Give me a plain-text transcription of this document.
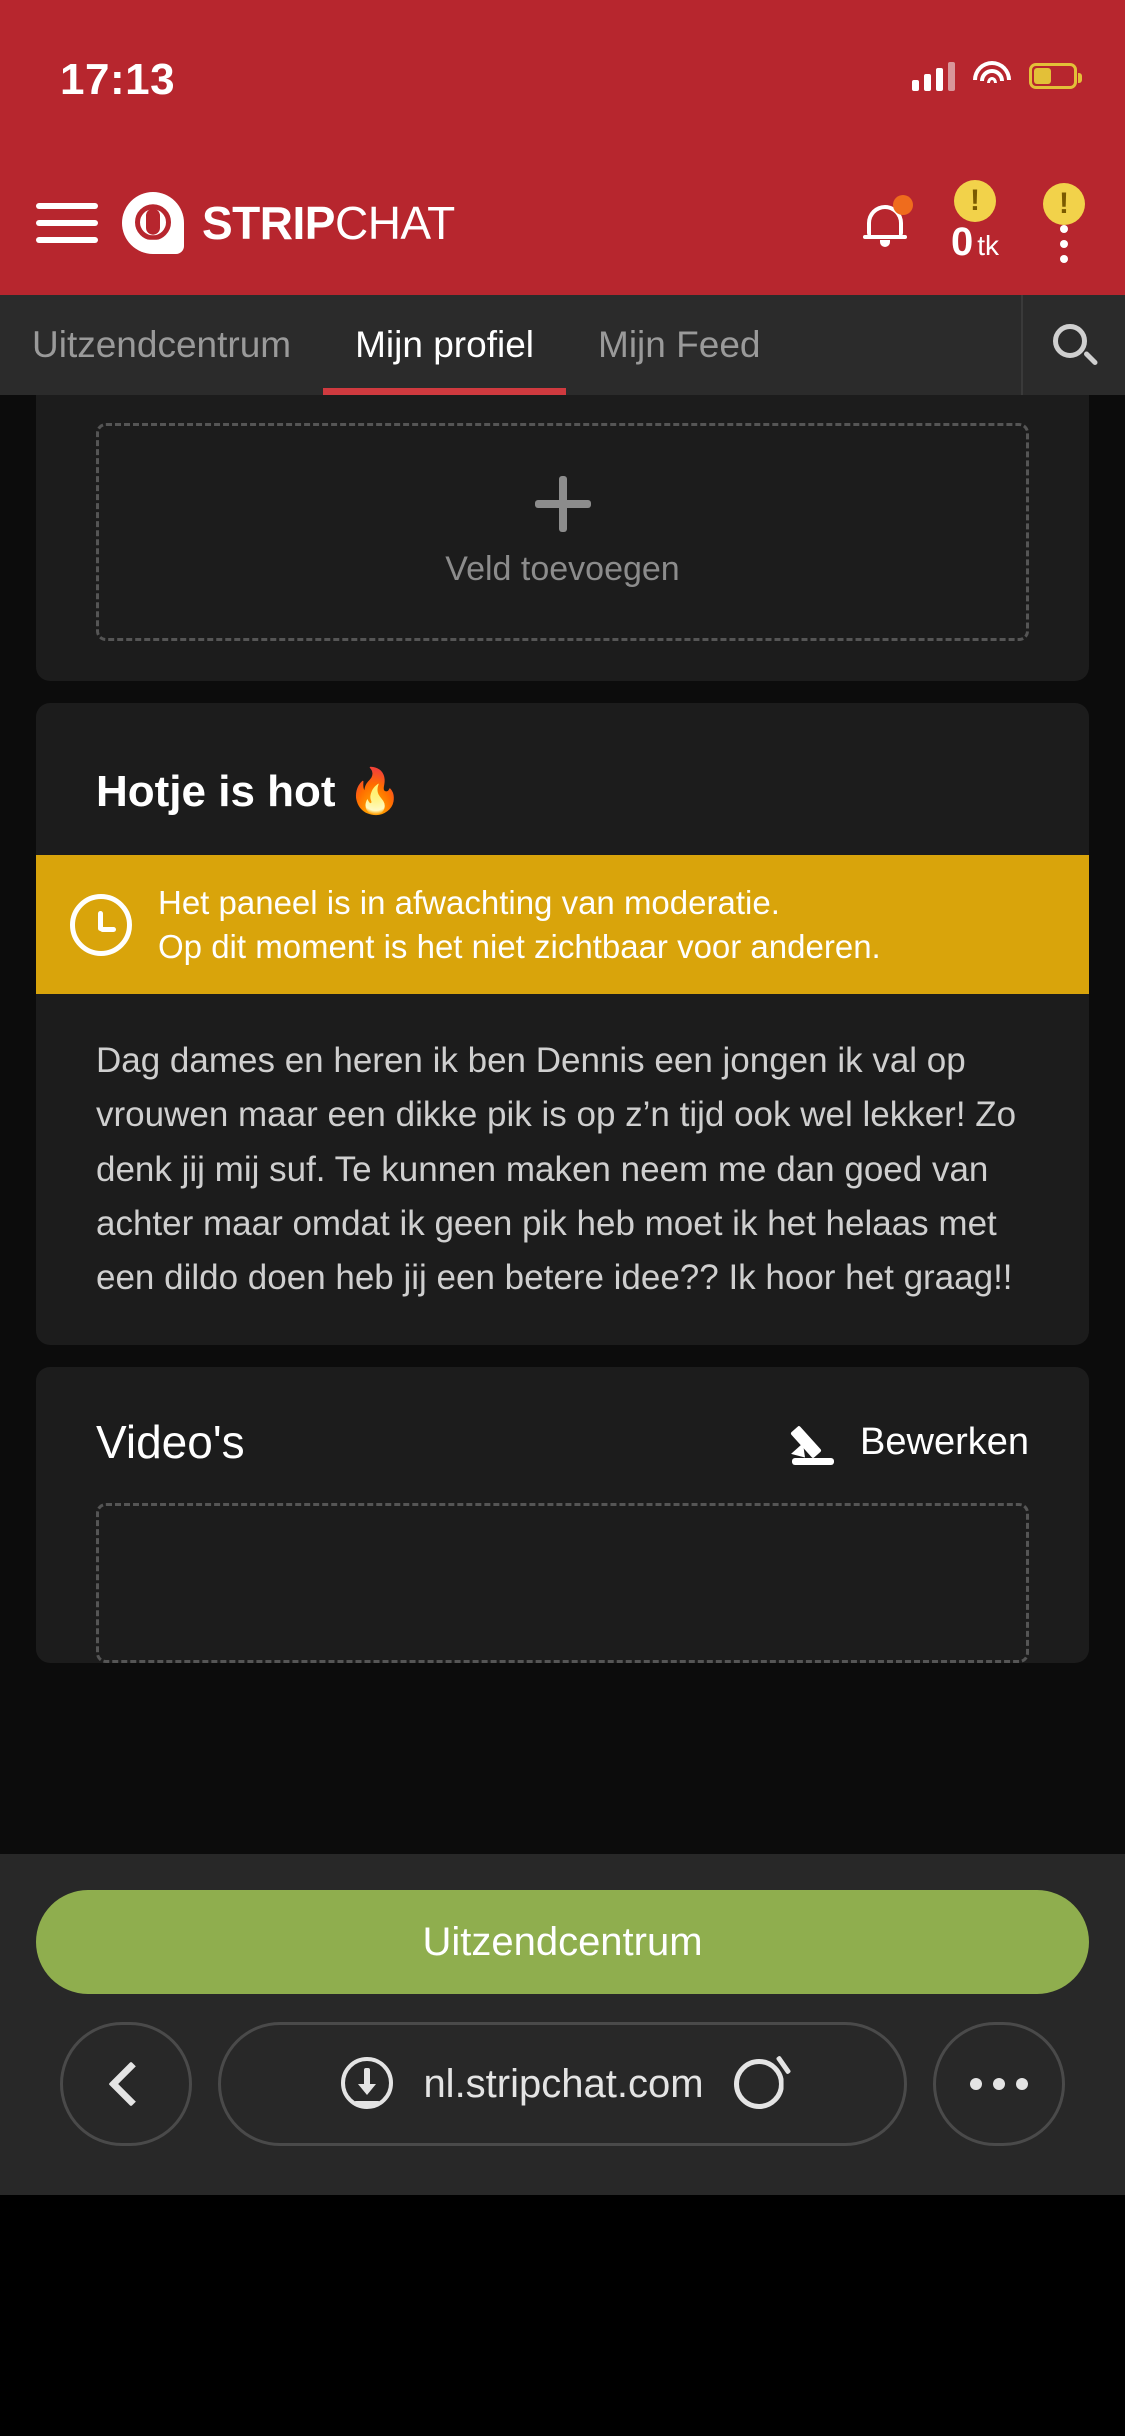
17:13
STRIPCHAT	!
0 tk
!
Uitzendcentrum Mijn profiel Mijn Feed
Veld toevoegen
Hotje is hot 🔥
Het paneel is in afwachting van moderatie.
Op dit moment is het niet zichtbaar voor anderen.
Dag dames en heren ik ben Dennis een jongen ik val op vrouwen maar een dikke pik is op z’n tijd ook wel lekker! Zo denk jij mij suf. Te kunnen maken neem me dan goed van achter maar omdat ik geen pik heb moet ik het helaas met een dildo doen heb jij een betere idee?? Ik hoor het graag!!
Video's	Bewerken
Uitzendcentrum
nl.stripchat.com
